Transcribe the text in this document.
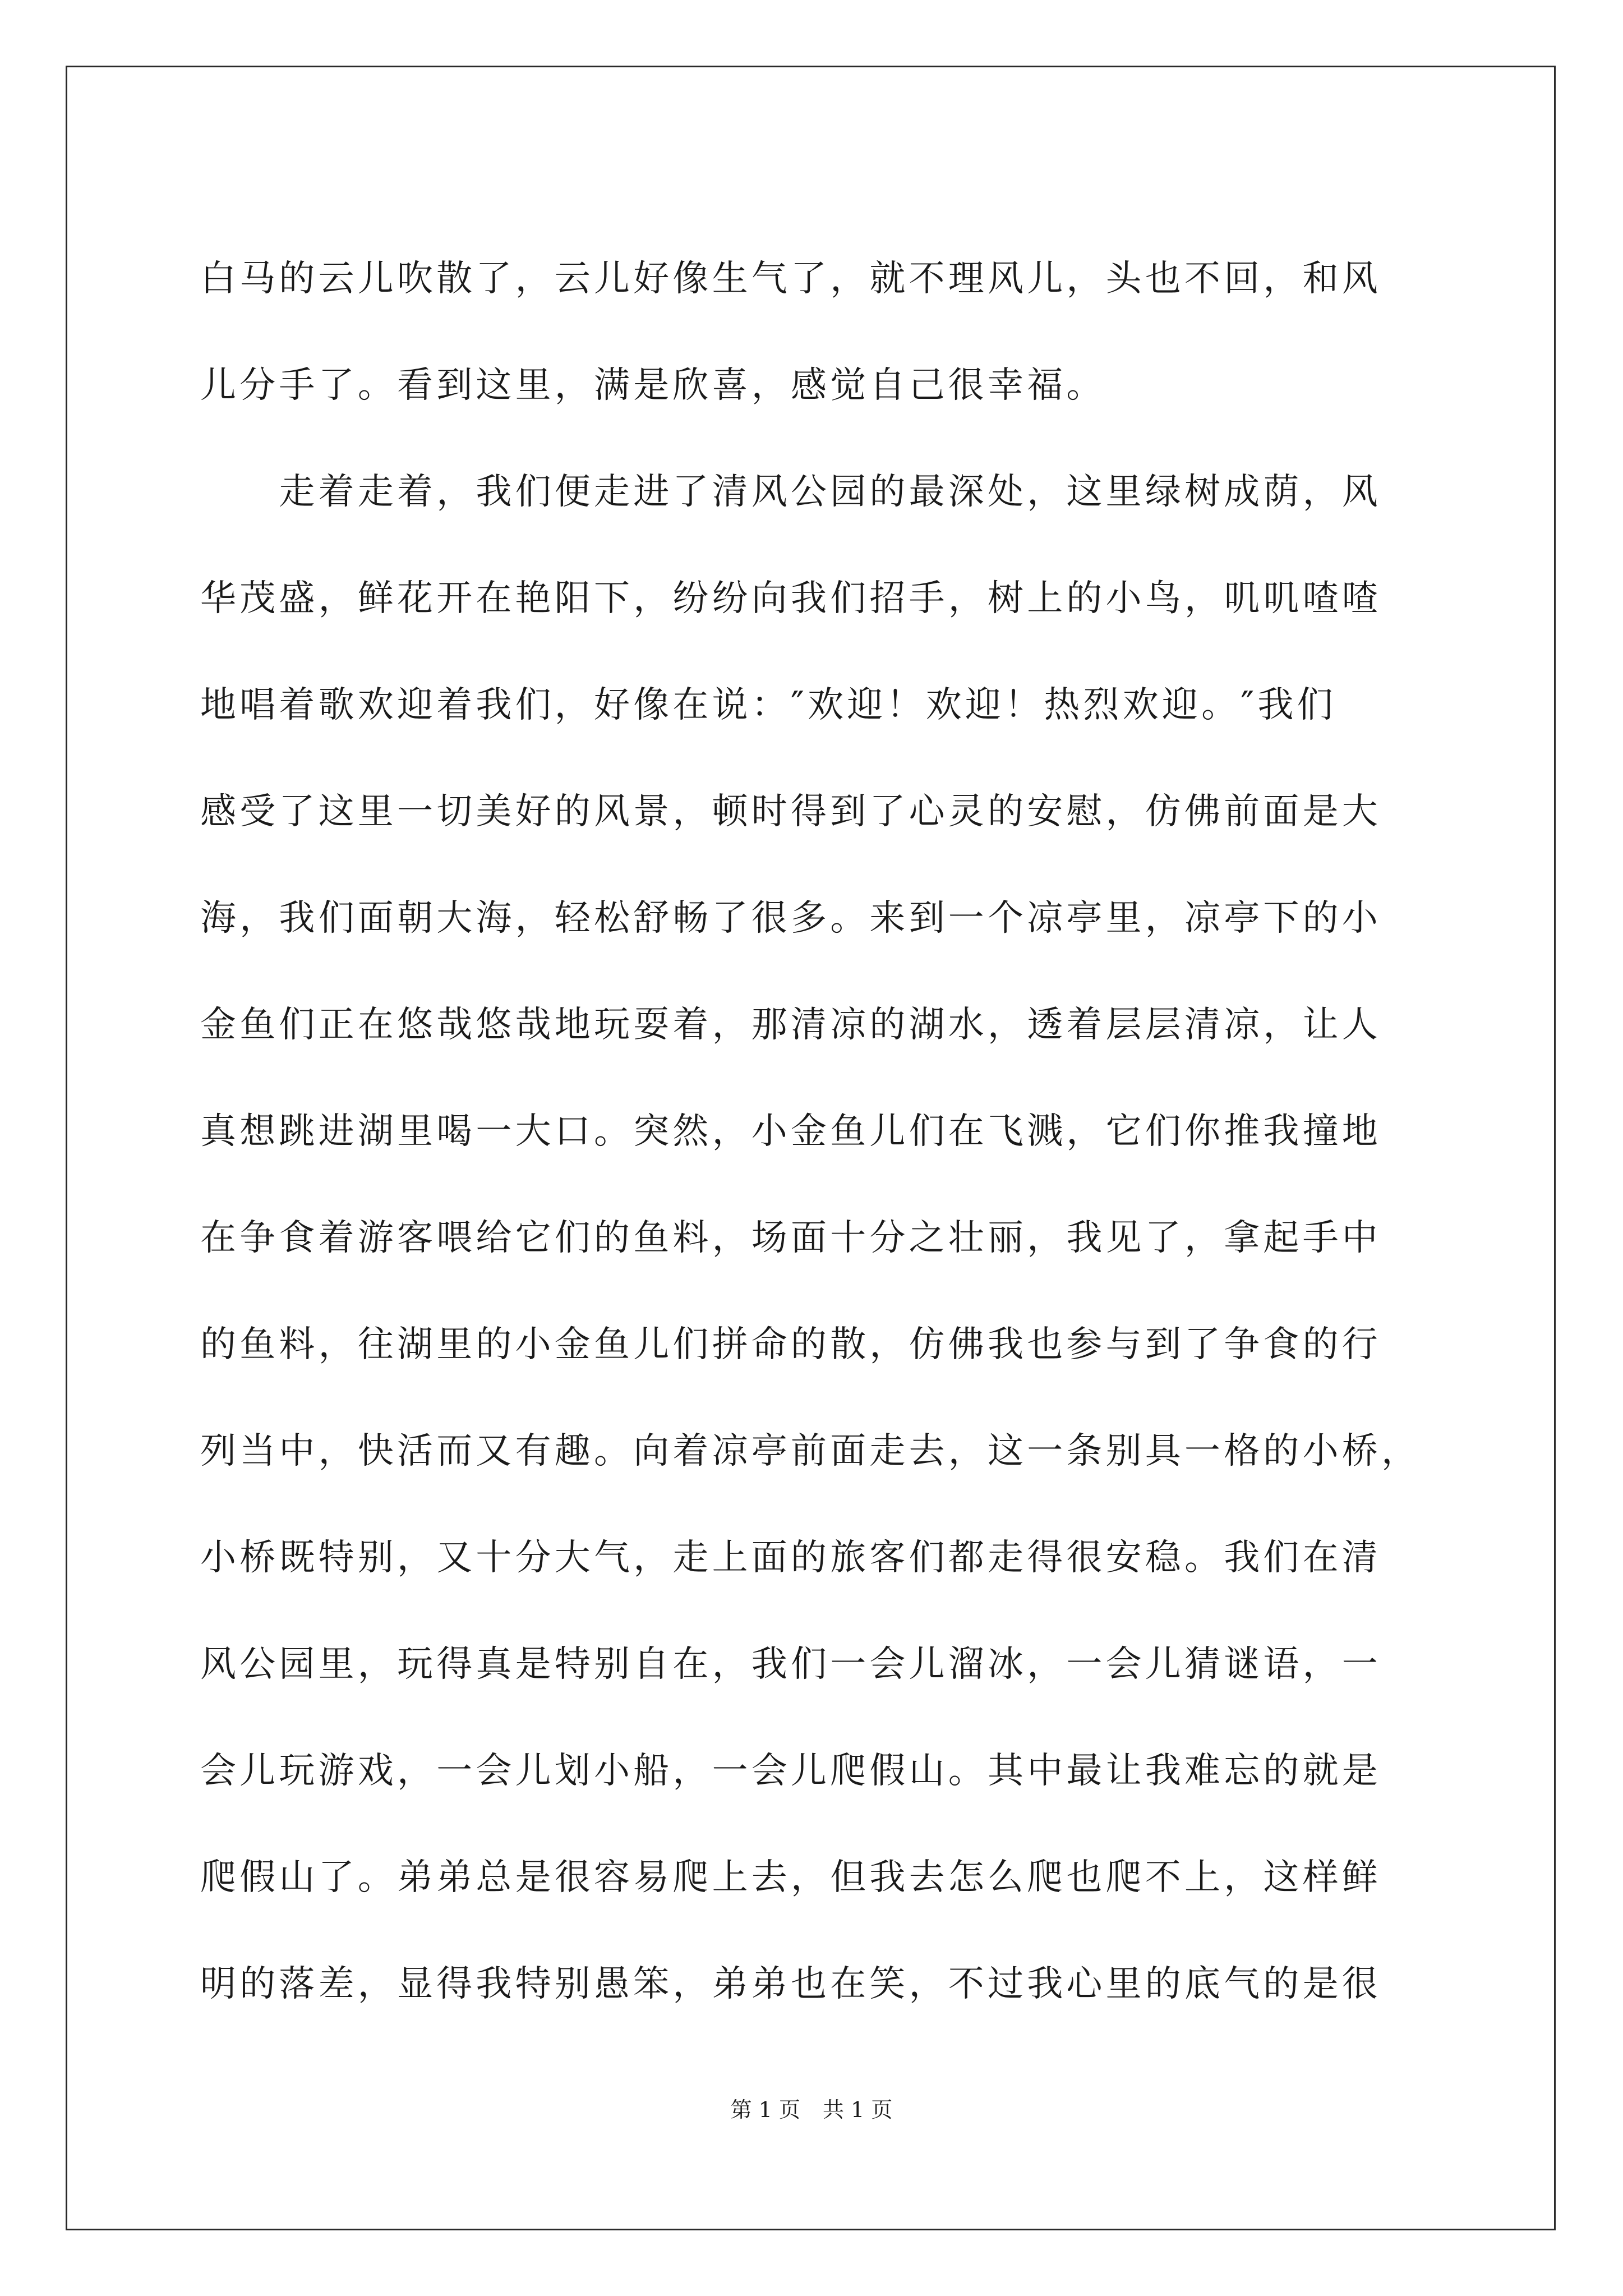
白马的云儿吹散了，云儿好像生气了，就不理风儿，头也不回，和风
儿分手了。看到这里，满是欣喜，感觉自己很幸福。
　　走着走着，我们便走进了清风公园的最深处，这里绿树成荫，风
华茂盛，鲜花开在艳阳下，纷纷向我们招手，树上的小鸟，叽叽喳喳
地唱着歌欢迎着我们，好像在说：″欢迎！欢迎！热烈欢迎。″我们
感受了这里一切美好的风景，顿时得到了心灵的安慰，仿佛前面是大
海，我们面朝大海，轻松舒畅了很多。来到一个凉亭里，凉亭下的小
金鱼们正在悠哉悠哉地玩耍着，那清凉的湖水，透着层层清凉，让人
真想跳进湖里喝一大口。突然，小金鱼儿们在飞溅，它们你推我撞地
在争食着游客喂给它们的鱼料，场面十分之壮丽，我见了，拿起手中
的鱼料，往湖里的小金鱼儿们拼命的散，仿佛我也参与到了争食的行
列当中，快活而又有趣。向着凉亭前面走去，这一条别具一格的小桥，
小桥既特别，又十分大气，走上面的旅客们都走得很安稳。我们在清
风公园里，玩得真是特别自在，我们一会儿溜冰，一会儿猜谜语，一
会儿玩游戏，一会儿划小船，一会儿爬假山。其中最让我难忘的就是
爬假山了。弟弟总是很容易爬上去，但我去怎么爬也爬不上，这样鲜
明的落差，显得我特别愚笨，弟弟也在笑，不过我心里的底气的是很
第 1 页 共 1 页
